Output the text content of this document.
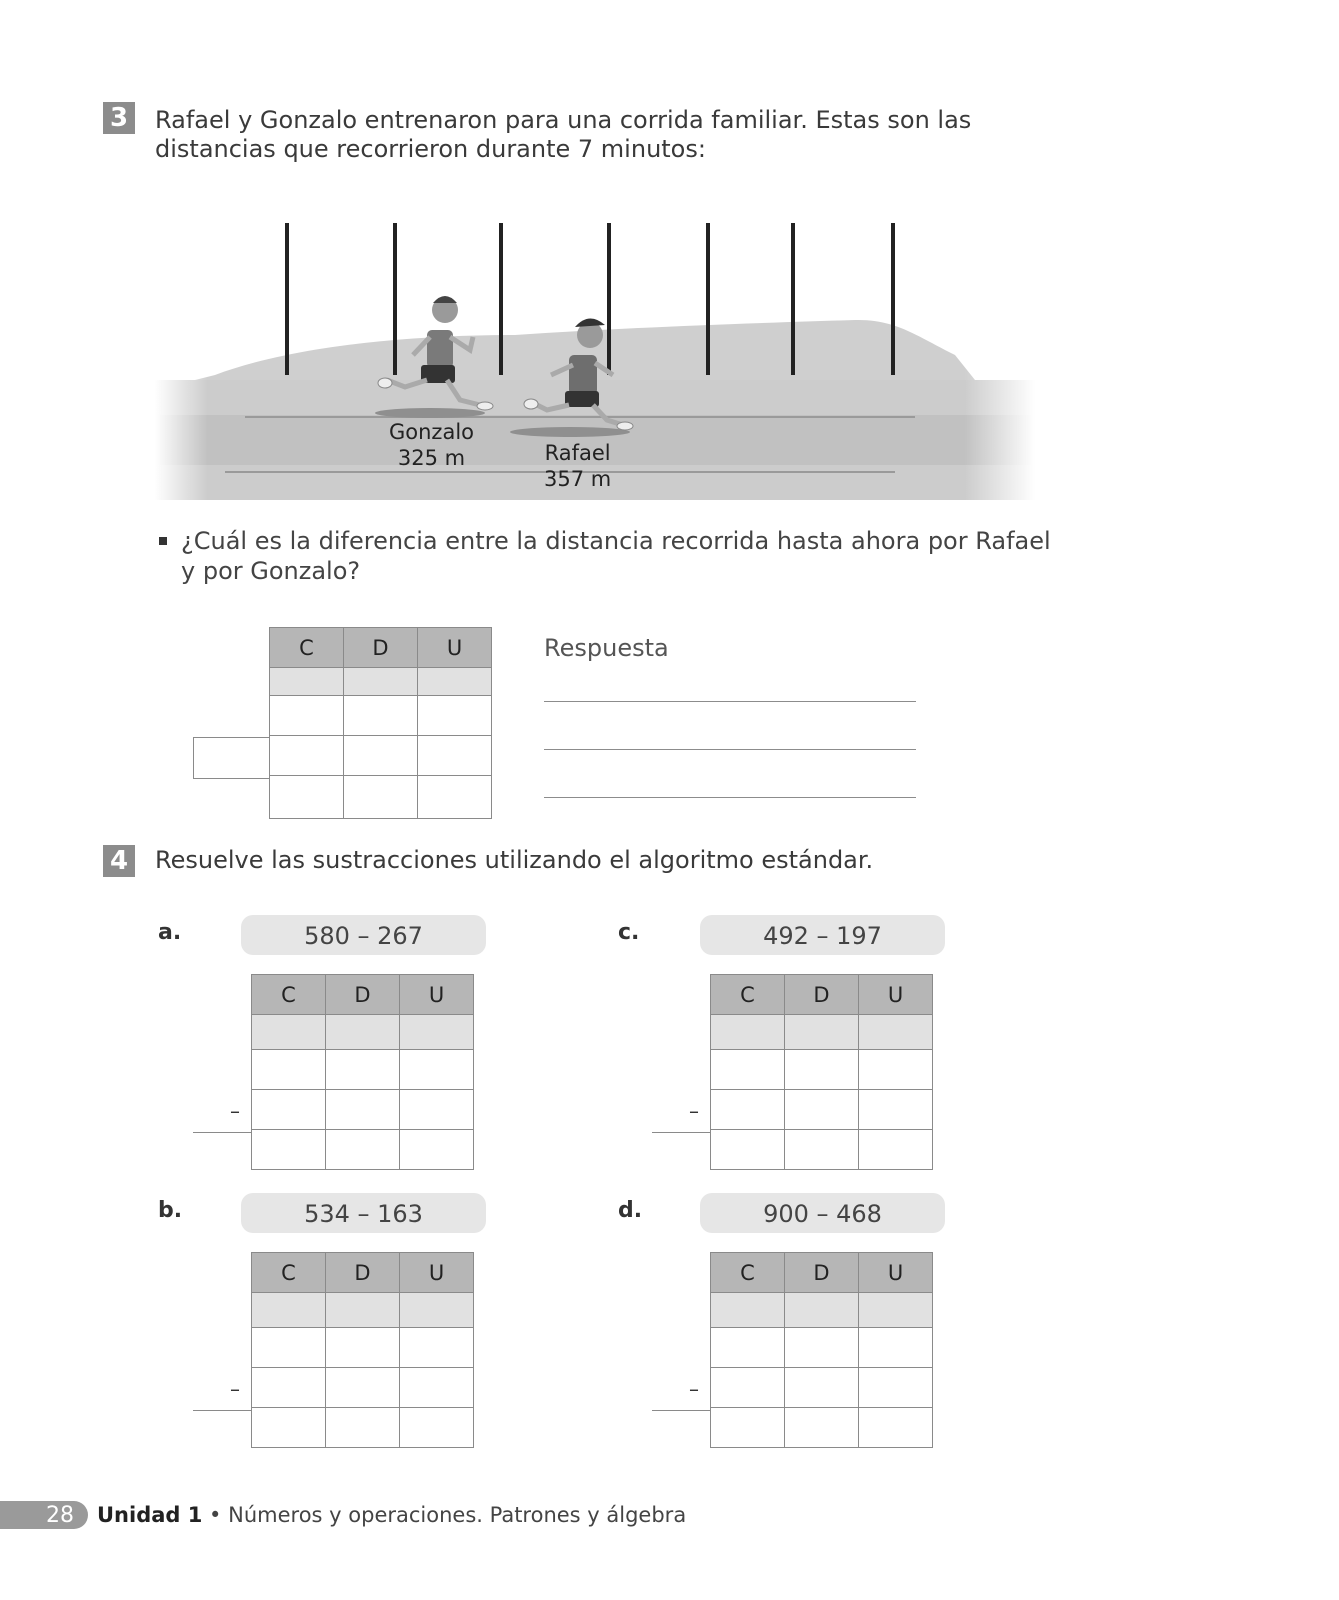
3 Rafael y Gonzalo entrenaron para una corrida familiar. Estas son las

distancias que recorrieron durante 7 minutos:

Gonzalo
325 m	Rafael
357 m

¿Cuál es la diferencia entre la distancia recorrida hasta ahora por Rafael

y por Gonzalo?

C	D	U

			Respuesta
4 Resuelve las sustracciones utilizando el algoritmo estándar.

a.	580 – 267
C	D	U

–
c.	492 – 197
C	D	U

–
b.	534 – 163
C	D	U

–
d.	900 – 468
C	D	U

–
28	Unidad 1 • Números y operaciones. Patrones y álgebra
